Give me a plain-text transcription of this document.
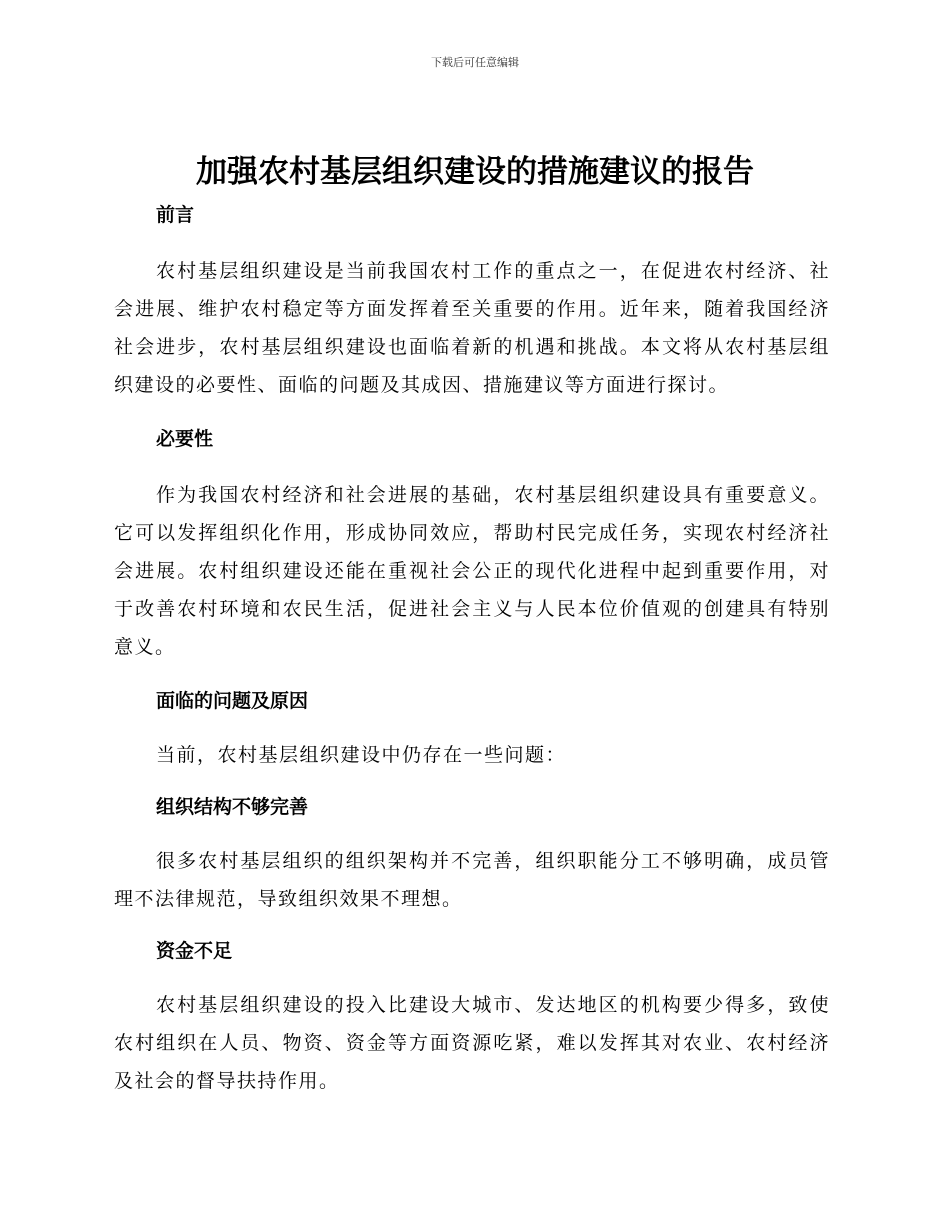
下载后可任意编辑
加强农村基层组织建设的措施建议的报告
前言

农村基层组织建设是当前我国农村工作的重点之一，在促进农村经济、社会进展、维护农村稳定等方面发挥着至关重要的作用。近年来，随着我国经济社会进步，农村基层组织建设也面临着新的机遇和挑战。本文将从农村基层组织建设的必要性、面临的问题及其成因、措施建议等方面进行探讨。

必要性

作为我国农村经济和社会进展的基础，农村基层组织建设具有重要意义。它可以发挥组织化作用，形成协同效应，帮助村民完成任务，实现农村经济社会进展。农村组织建设还能在重视社会公正的现代化进程中起到重要作用，对于改善农村环境和农民生活，促进社会主义与人民本位价值观的创建具有特别意义。

面临的问题及原因

当前，农村基层组织建设中仍存在一些问题：

组织结构不够完善

很多农村基层组织的组织架构并不完善，组织职能分工不够明确，成员管理不法律规范，导致组织效果不理想。

资金不足

农村基层组织建设的投入比建设大城市、发达地区的机构要少得多，致使农村组织在人员、物资、资金等方面资源吃紧，难以发挥其对农业、农村经济及社会的督导扶持作用。
